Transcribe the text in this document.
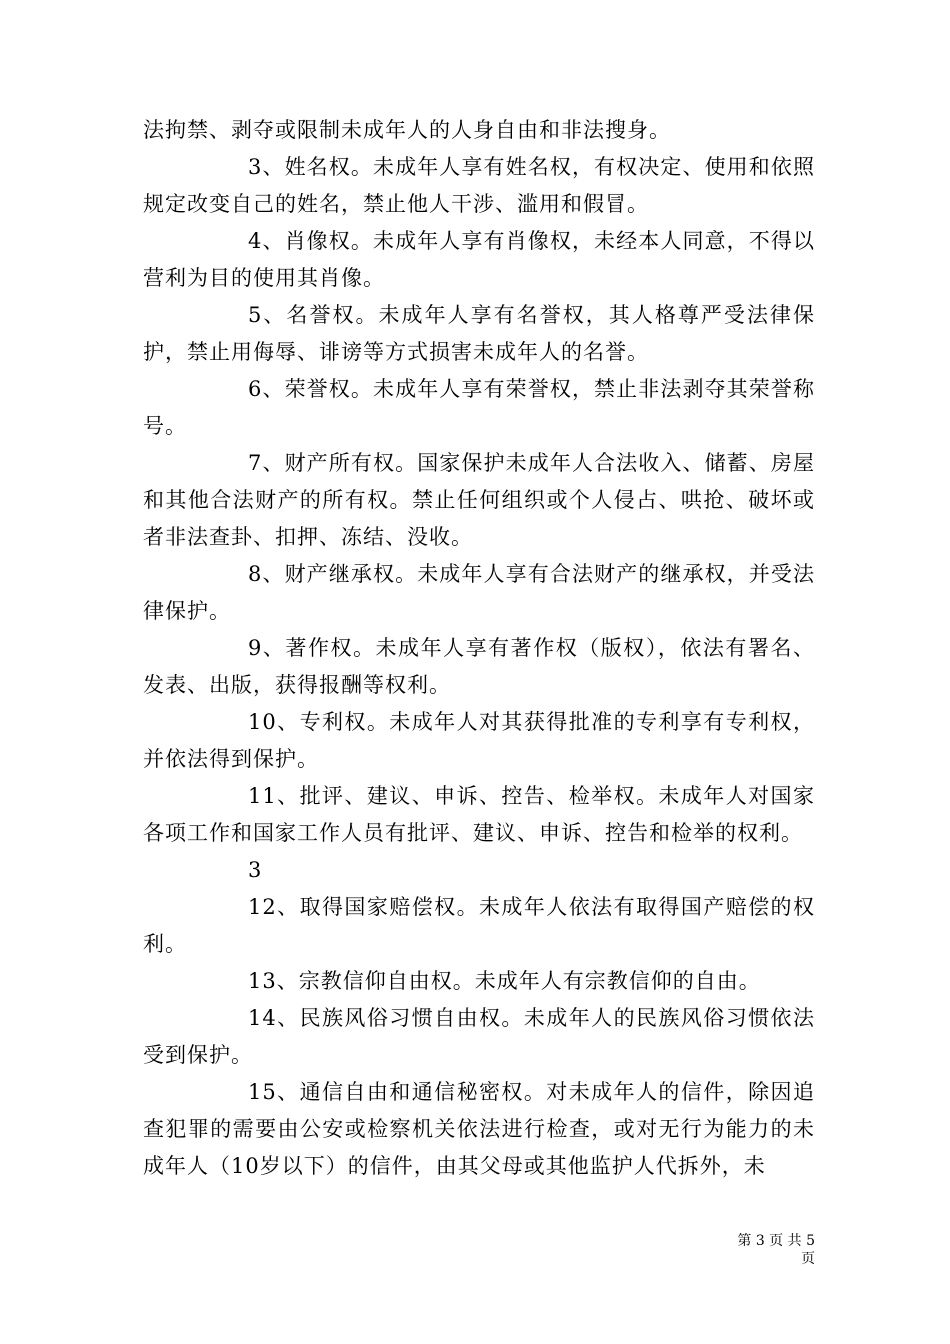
法拘禁、剥夺或限制未成年人的人身自由和非法搜身。

3、姓名权。未成年人享有姓名权，有权决定、使用和依照规定改变自己的姓名，禁止他人干涉、滥用和假冒。

4、肖像权。未成年人享有肖像权，未经本人同意，不得以营利为目的使用其肖像。

5、名誉权。未成年人享有名誉权，其人格尊严受法律保护，禁止用侮辱、诽谤等方式损害未成年人的名誉。

6、荣誉权。未成年人享有荣誉权，禁止非法剥夺其荣誉称号。

7、财产所有权。国家保护未成年人合法收入、储蓄、房屋和其他合法财产的所有权。禁止任何组织或个人侵占、哄抢、破坏或者非法查卦、扣押、冻结、没收。

8、财产继承权。未成年人享有合法财产的继承权，并受法律保护。

9、著作权。未成年人享有著作权（版权），依法有署名、发表、出版，获得报酬等权利。

10、专利权。未成年人对其获得批准的专利享有专利权，并依法得到保护。

11、批评、建议、申诉、控告、检举权。未成年人对国家各项工作和国家工作人员有批评、建议、申诉、控告和检举的权利。

3

12、取得国家赔偿权。未成年人依法有取得国产赔偿的权利。

13、宗教信仰自由权。未成年人有宗教信仰的自由。

14、民族风俗习惯自由权。未成年人的民族风俗习惯依法受到保护。

15、通信自由和通信秘密权。对未成年人的信件，除因追查犯罪的需要由公安或检察机关依法进行检查，或对无行为能力的未成年人（10岁以下）的信件，由其父母或其他监护人代拆外，未

第 3 页 共 5 页
